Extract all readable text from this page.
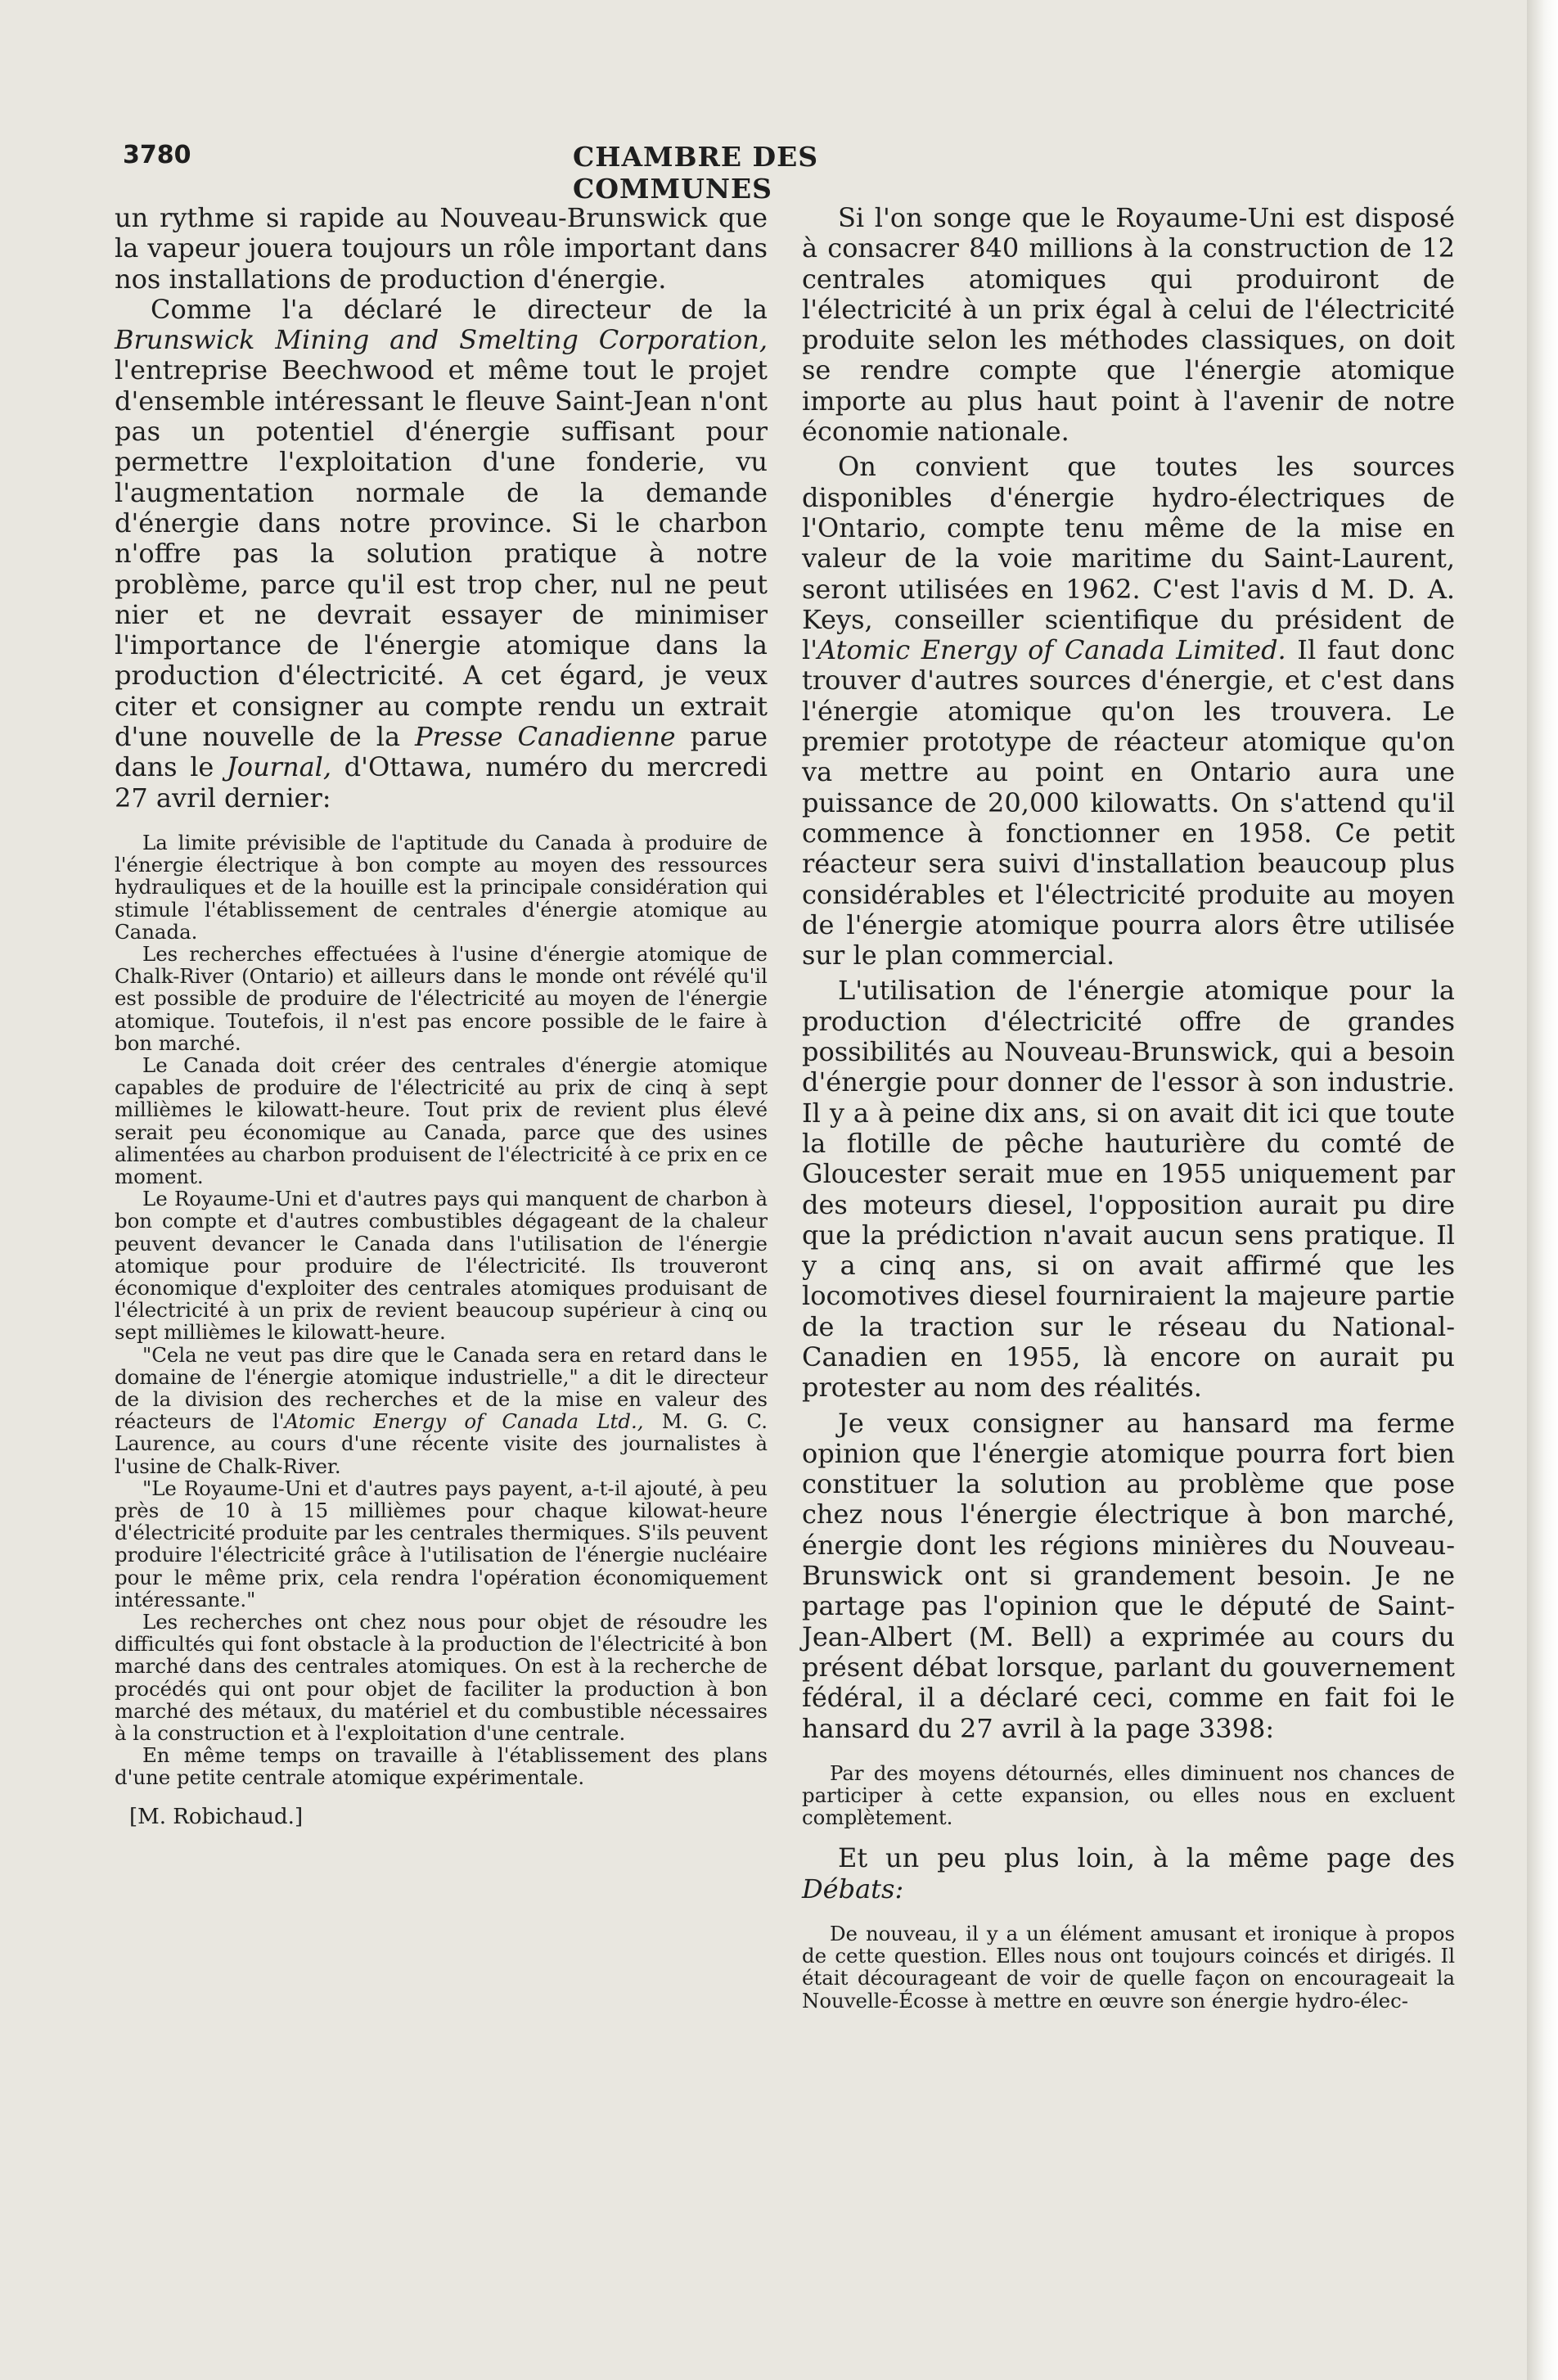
3780	CHAMBRE DES COMMUNES

un rythme si rapide au Nouveau-Brunswick que la vapeur jouera toujours un rôle important dans nos installations de production d'énergie.

Comme l'a déclaré le directeur de la Brunswick Mining and Smelting Corporation, l'entreprise Beechwood et même tout le projet d'ensemble intéressant le fleuve Saint-Jean n'ont pas un potentiel d'énergie suffisant pour permettre l'exploitation d'une fonderie, vu l'augmentation normale de la demande d'énergie dans notre province. Si le charbon n'offre pas la solution pratique à notre problème, parce qu'il est trop cher, nul ne peut nier et ne devrait essayer de minimiser l'importance de l'énergie atomique dans la production d'électricité. A cet égard, je veux citer et consigner au compte rendu un extrait d'une nouvelle de la Presse Canadienne parue dans le Journal, d'Ottawa, numéro du mercredi 27 avril dernier:

La limite prévisible de l'aptitude du Canada à produire de l'énergie électrique à bon compte au moyen des ressources hydrauliques et de la houille est la principale considération qui stimule l'établissement de centrales d'énergie atomique au Canada.

Les recherches effectuées à l'usine d'énergie atomique de Chalk-River (Ontario) et ailleurs dans le monde ont révélé qu'il est possible de produire de l'électricité au moyen de l'énergie atomique. Toutefois, il n'est pas encore possible de le faire à bon marché.

Le Canada doit créer des centrales d'énergie atomique capables de produire de l'électricité au prix de cinq à sept millièmes le kilowatt-heure. Tout prix de revient plus élevé serait peu économique au Canada, parce que des usines alimentées au charbon produisent de l'électricité à ce prix en ce moment.

Le Royaume-Uni et d'autres pays qui manquent de charbon à bon compte et d'autres combustibles dégageant de la chaleur peuvent devancer le Canada dans l'utilisation de l'énergie atomique pour produire de l'électricité. Ils trouveront économique d'exploiter des centrales atomiques produisant de l'électricité à un prix de revient beaucoup supérieur à cinq ou sept millièmes le kilowatt-heure.

"Cela ne veut pas dire que le Canada sera en retard dans le domaine de l'énergie atomique industrielle," a dit le directeur de la division des recherches et de la mise en valeur des réacteurs de l'Atomic Energy of Canada Ltd., M. G. C. Laurence, au cours d'une récente visite des journalistes à l'usine de Chalk-River.

"Le Royaume-Uni et d'autres pays payent, a-t-il ajouté, à peu près de 10 à 15 millièmes pour chaque kilowat-heure d'électricité produite par les centrales thermiques. S'ils peuvent produire l'électricité grâce à l'utilisation de l'énergie nucléaire pour le même prix, cela rendra l'opération économiquement intéressante."

Les recherches ont chez nous pour objet de résoudre les difficultés qui font obstacle à la production de l'électricité à bon marché dans des centrales atomiques. On est à la recherche de procédés qui ont pour objet de faciliter la production à bon marché des métaux, du matériel et du combustible nécessaires à la construction et à l'exploitation d'une centrale.

En même temps on travaille à l'établissement des plans d'une petite centrale atomique expérimentale.

[M. Robichaud.]

Si l'on songe que le Royaume-Uni est disposé à consacrer 840 millions à la construction de 12 centrales atomiques qui produiront de l'électricité à un prix égal à celui de l'électricité produite selon les méthodes classiques, on doit se rendre compte que l'énergie atomique importe au plus haut point à l'avenir de notre économie nationale.

On convient que toutes les sources disponibles d'énergie hydro-électriques de l'Ontario, compte tenu même de la mise en valeur de la voie maritime du Saint-Laurent, seront utilisées en 1962. C'est l'avis d M. D. A. Keys, conseiller scientifique du président de l'Atomic Energy of Canada Limited. Il faut donc trouver d'autres sources d'énergie, et c'est dans l'énergie atomique qu'on les trouvera. Le premier prototype de réacteur atomique qu'on va mettre au point en Ontario aura une puissance de 20,000 kilowatts. On s'attend qu'il commence à fonctionner en 1958. Ce petit réacteur sera suivi d'installation beaucoup plus considérables et l'électricité produite au moyen de l'énergie atomique pourra alors être utilisée sur le plan commercial.

L'utilisation de l'énergie atomique pour la production d'électricité offre de grandes possibilités au Nouveau-Brunswick, qui a besoin d'énergie pour donner de l'essor à son industrie. Il y a à peine dix ans, si on avait dit ici que toute la flotille de pêche hauturière du comté de Gloucester serait mue en 1955 uniquement par des moteurs diesel, l'opposition aurait pu dire que la prédiction n'avait aucun sens pratique. Il y a cinq ans, si on avait affirmé que les locomotives diesel fourniraient la majeure partie de la traction sur le réseau du National-Canadien en 1955, là encore on aurait pu protester au nom des réalités.

Je veux consigner au hansard ma ferme opinion que l'énergie atomique pourra fort bien constituer la solution au problème que pose chez nous l'énergie électrique à bon marché, énergie dont les régions minières du Nouveau-Brunswick ont si grandement besoin. Je ne partage pas l'opinion que le député de Saint-Jean-Albert (M. Bell) a exprimée au cours du présent débat lorsque, parlant du gouvernement fédéral, il a déclaré ceci, comme en fait foi le hansard du 27 avril à la page 3398:

Par des moyens détournés, elles diminuent nos chances de participer à cette expansion, ou elles nous en excluent complètement.

Et un peu plus loin, à la même page des Débats:

De nouveau, il y a un élément amusant et ironique à propos de cette question. Elles nous ont toujours coincés et dirigés. Il était décourageant de voir de quelle façon on encourageait la Nouvelle-Écosse à mettre en œuvre son énergie hydro-élec-
